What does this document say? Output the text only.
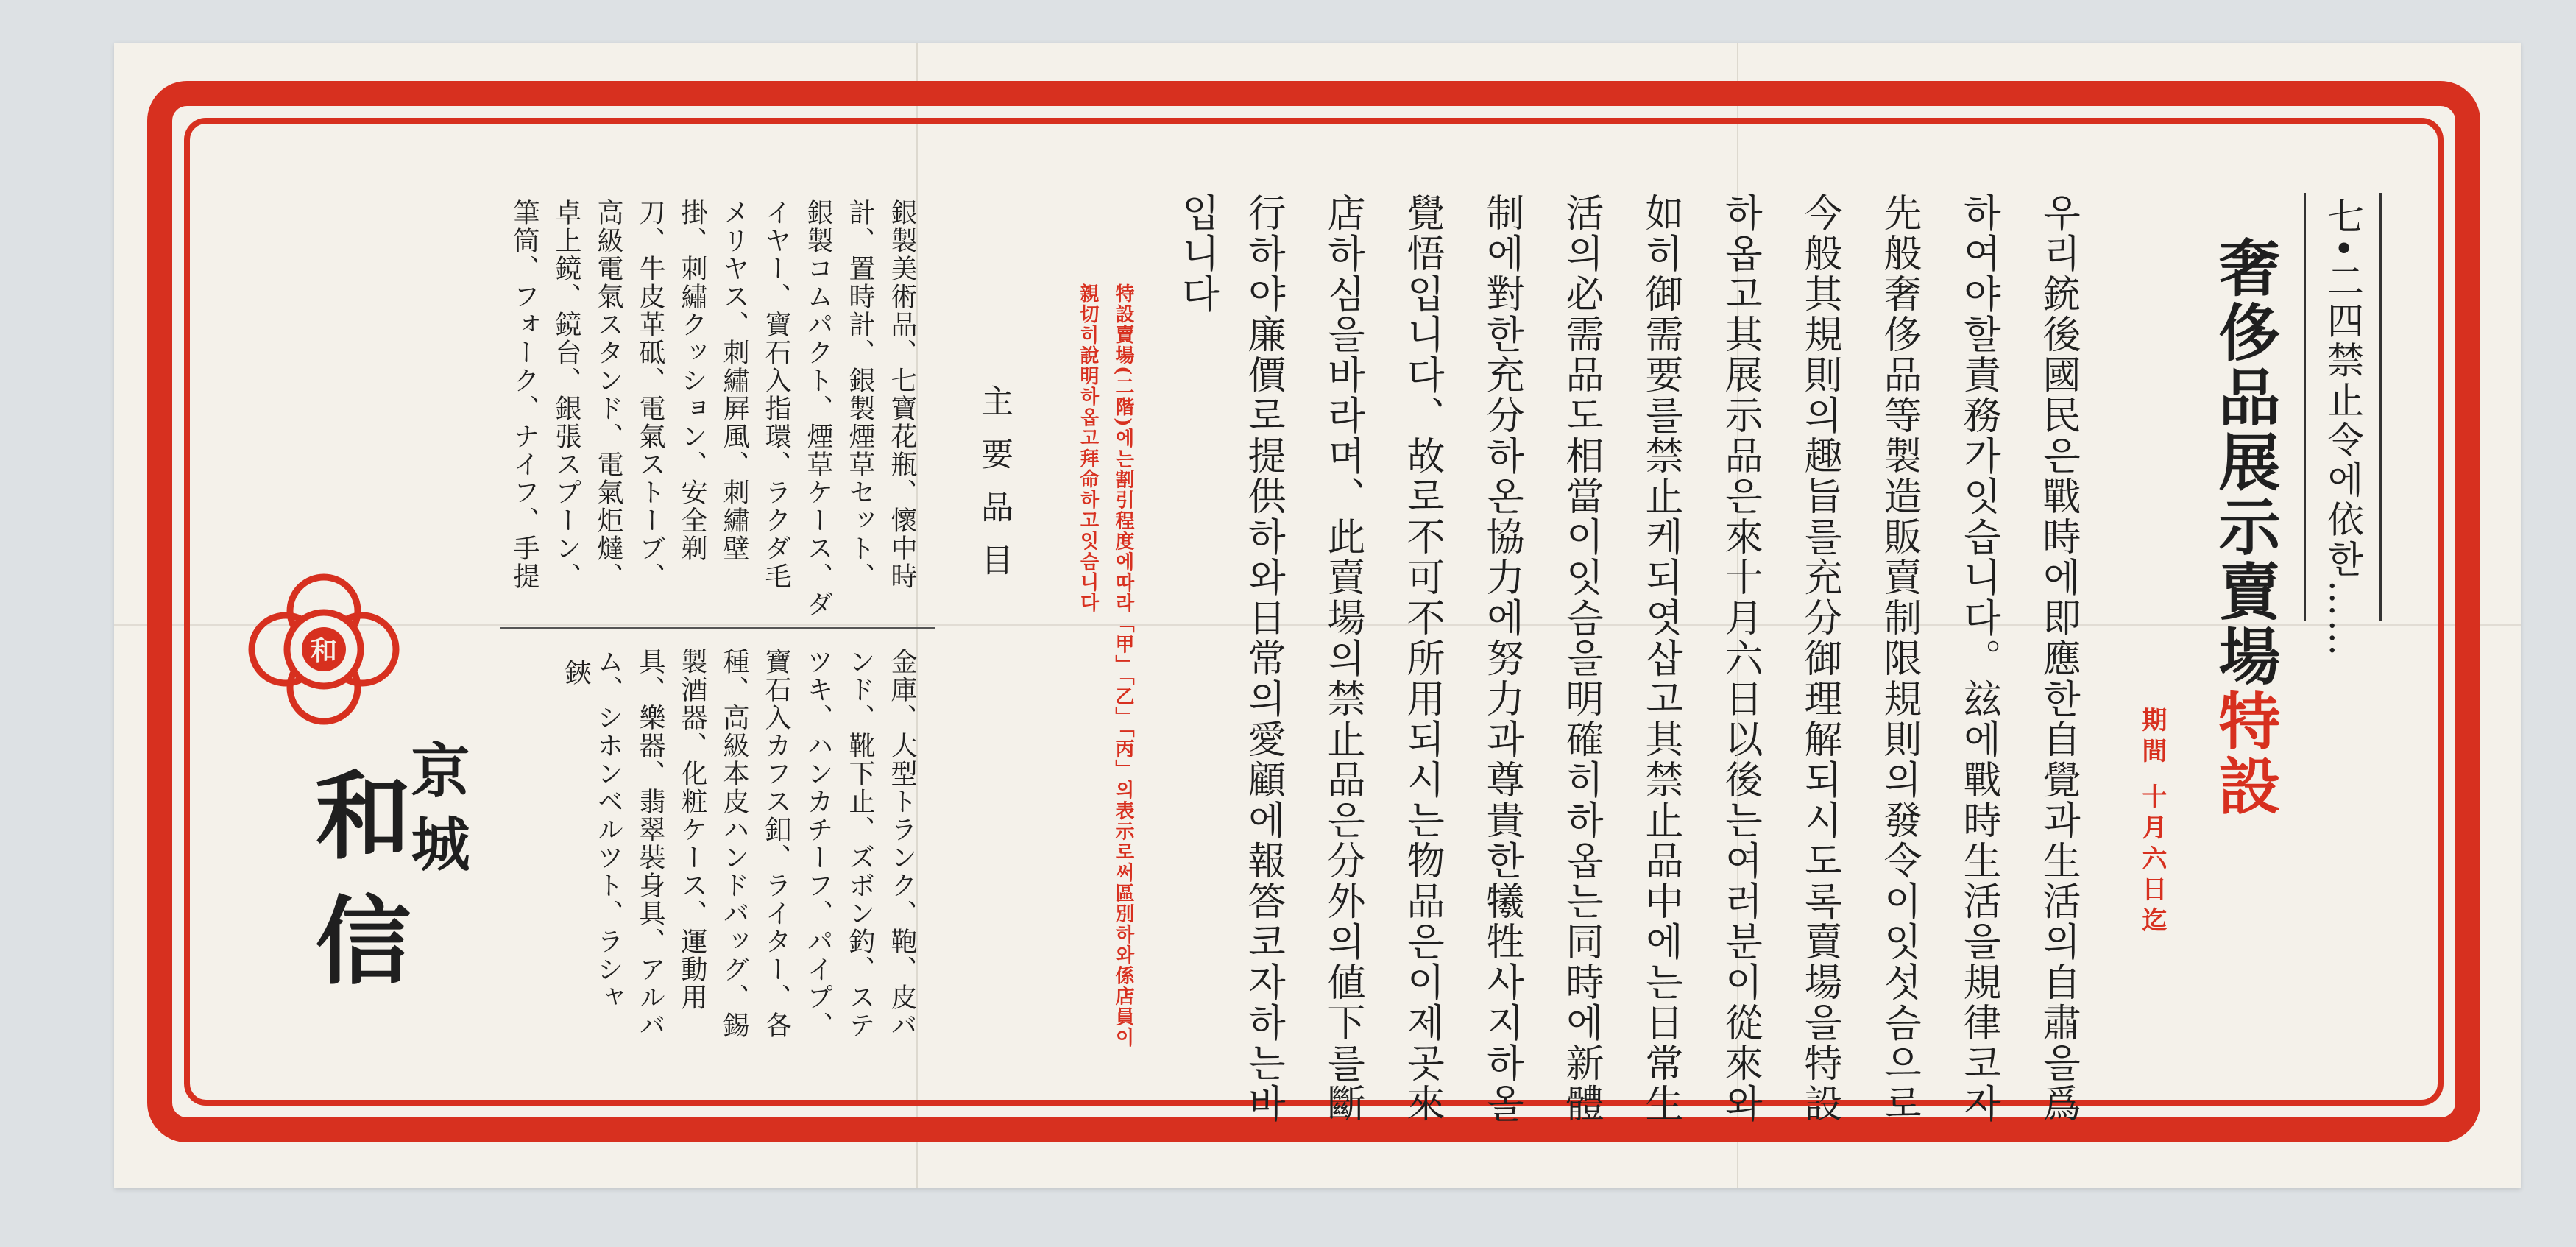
七•二四禁止令에依한……
奢侈品展示賣場特設
期間 十月六日迄
우리銃後國民은戰時에即應한自覺과生活의自肅을爲
하여야할責務가잇습니다。玆에戰時生活을規律코자
先般奢侈品等製造販賣制限規則의發令이잇섯슴으로
今般其規則의趣旨를充分御理解되시도록賣場을特設
하옵고其展示品은來十月六日以後는여러분이從來와
如히御需要를禁止케되엿삽고其禁止品中에는日常生
活의必需品도相當이잇슴을明確히하옵는同時에新體
制에對한充分하온協力에努力과尊貴한犧牲사지하올
覺悟입니다、故로不可不所用되시는物品은이제곳來
店하심을바라며、此賣場의禁止品은分外의値下를斷
行하야廉價로提供하와日常의愛顧에報答코자하는바
입니다
特設賣場(二階)에는割引程度에따라「甲」「乙」「丙」의表示로써區別하와係店員이
親切히說明하옵고拜命하고잇슴니다
主要品目
銀製美術品、七寶花瓶、懷中時
計、置時計、銀製煙草セット、
銀製コムパクト、煙草ケース、ダ
イヤー、寶石入指環、ラクダ毛
メリヤス、刺繡屛風、刺繡壁
掛、刺繡クッション、安全剃
刀、牛皮革砥、電氣ストーブ、
高級電氣スタンド、電氣炬燵、
卓上鏡、鏡台、銀張スプーン、
筆筒、フォーク、ナイフ、手提
金庫、大型トランク、鞄、皮バ
ンド、靴下止、ズボン釣、ステ
ツキ、ハンカチーフ、パイプ、
寶石入カフス釦、ライター、各
種、高級本皮ハンドバッグ、錫
製酒器、化粧ケース、運動用
具、樂器、翡翠裝身具、アルバ
ム、シホンベルツト、ラシャ
鋏
和
京城
和信
